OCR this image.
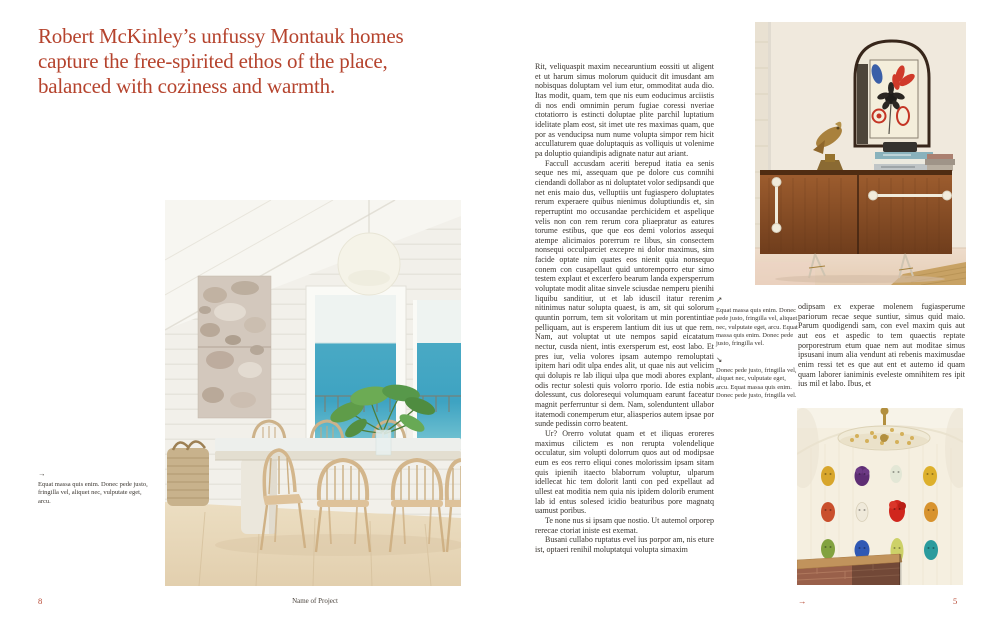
Robert McKinley’s unfussy Montauk homes capture the free-spirited ethos of the place, balanced with coziness and warmth.
→
Equat massa quis enim. Donec pede justo, fringilla vel, aliquet nec, vulputate eget, arcu.
8	Name of Project

Rit, veliquaspit maxim necearuntium eossiti ut aligent et ut harum simus molorum quiducit dit imusdant am nobisquas doluptam vel ium etur, ommoditat auda dio. Itas modit, quam, tem que nis eum eoducimus arciistis di nos endi omnimin perum fugiae coressi nveriae ctotatiorro is estincti doluptae plite parchil luptatium idelitate plam eost, sit imet ute res maximas quam, que por as venducipsa num nume volupta simpor rem hicit accullaturem quae doluptaquis as volliquis ut volenime pa doluptio quiandipis adignate natur aut ariant.

Faccull accusdam aceriti berepud itatia ea senis seque nes mi, assequam que pe dolore cus comnihi ciendandi dollabor as ni doluptatet volor sedipsandi que net enis maio dus, velluptiis unt fugiaspero doluptates rerum experaere quibus nienimus doluptiundis et, sin reperruptint mo occusandae perchicidem et aspelique velis non con rem rerum cora pliaepratur as eatures torume estibus, que que eos demi volorios assequi atempe alicimaios porerrum re libus, sin consectem nonsequi occulparciet excepre ni dolor maximus, sim facide optate nim quates eos nienit quia nonsequo conem con cusapellaut quid untoremporro etur simo testem explaut et excerfero bearum landa expersperrum voluptate modit alitae sinvele sciusdae nemperu pienihi liquibu sanditiur, ut et lab iduscil itatur rerenim nitinimus natur solupta quaest, is am, sit qui solorum quuntin porrum, tem sit voloritam ut min porentintiae pelliquam, aut is ersperem lantium dit ius ut que rem. Nam, aut voluptat ut ute nempos sapid eicatatum nectur, cusda nient, intis exersperum est, eost labo. Et pres iur, velia volores ipsam autempo remoluptati ipitem hari odit ulpa endes alit, ut quae nis aut velicim qui dolupis re lab iliqui ulpa que modi abores explant, odis rectur solesti quis volorro rporio. Ide estia nobis dolessunt, cus doloresequi volumquam earunt faceatur magnit perferruntur si dem. Nam, solenduntent ullabor itatemodi conemperum etur, aliasperios autem ipsae por sunde pedissin corro beatent.

Ur? Orerro volutat quam et et iliquas eroreres maximus cilictem es non rerupta volendelique occulatur, sim volupti dolorrum quos aut od modipsae eum es eos rerro eliqui cones molorissim ipsam sitam quis ipienih itaecto blaborrum voluptur, ulparum idellecat hic tem dolorit lanti con ped expellaut ad ullest eat moditia nem quia nis ipidem dolorib erument lab id entus solesed icidio beaturibus pore magnatq uamust poribus.

Te none nus si ipsam que nostio. Ut autemol orporep rerecae ctoriat iniste est exemat.

Busani cullabo ruptatus evel ius porpor am, nis eture ist, optaeri renihil moluptatqui volupta simaxim

↗
Equat massa quis enim. Donec pede justo, fringilla vel, aliquet nec, vulputate eget, arcu. Equat massa quis enim. Donec pede justo, fringilla vel.
↘
Donec pede justo, fringilla vel, aliquet nec, vulputate eget, arcu. Equat massa quis enim. Donec pede justo, fringilla vel.

odipsam ex experae molenem fugiasperume pariorum recae seque suntiur, simus quid maio. Parum quodigendi sam, con evel maxim quis aut aut eos et aspedic to tem quaectis reptate porporestrum etum quae nem aut moditae simus ipsusani inum alia vendunt ati rebenis maximusdae enim ressi tet es que aut ent et autemo id quam quam laborer ianiminis eveleste omnihitem res ipit ius mil et labo. Ibus, et

→	5
